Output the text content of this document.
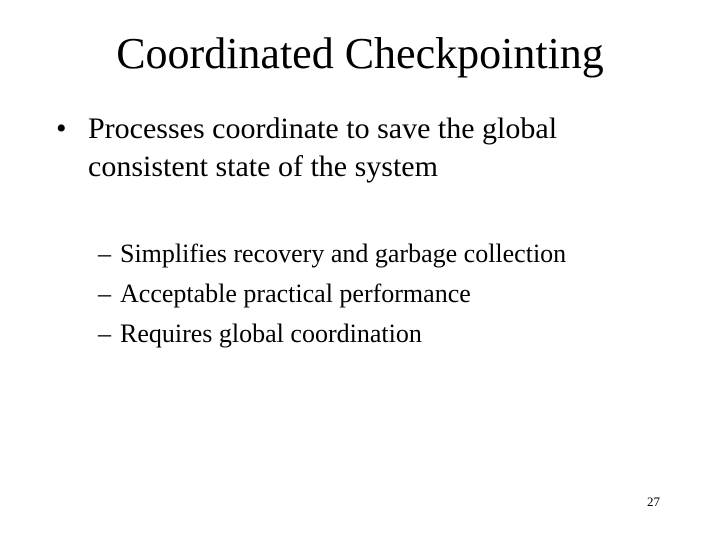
Coordinated Checkpointing
• Processes coordinate to save the global consistent state of the system
– Simplifies recovery and garbage collection
– Acceptable practical performance
– Requires global coordination
27
